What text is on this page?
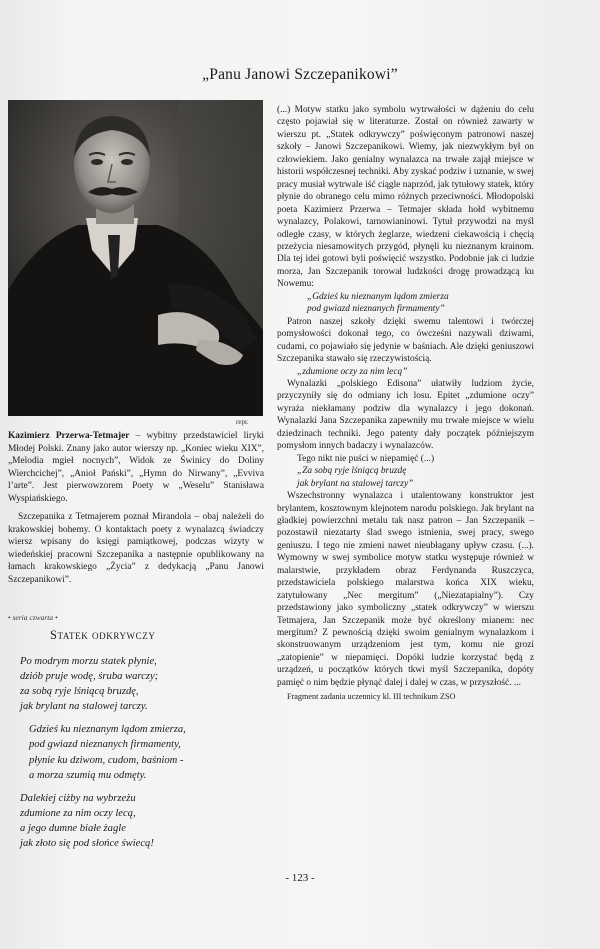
„Panu Janowi Szczepanikowi”
repr.

Kazimierz Przerwa-Tetmajer – wybitny przedstawiciel liryki Młodej Polski. Znany jako autor wierszy np. „Koniec wieku XIX”, „Melodia mgieł nocnych”, Widok ze Świnicy do Doliny Wierchcichej”, „Anioł Pański”, „Hymn do Nirwany”, „Evviva l’arte”. Jest pierwowzorem Poety w „Weselu” Stanisława Wyspiańskiego.

Szczepanika z Tetmajerem poznał Mirandola – obaj należeli do krakowskiej bohemy. O kontaktach poety z wynalazcą świadczy wiersz wpisany do księgi pamiątkowej, podczas wizyty w wiedeńskiej pracowni Szczepanika a następnie opublikowany na łamach krakowskiego „Życia” z dedykacją „Panu Janowi Szczepanikowi”.

• seria czwarta •
Statek odkrywczy
Po modrym morzu statek płynie,
dziób pruje wodę, śruba warczy;
za sobą ryje lśniącą bruzdę,
jak brylant na stalowej tarczy.
Gdzieś ku nieznanym lądom zmierza,
pod gwiazd nieznanych firmamenty,
płynie ku dziwom, cudom, baśniom -
a morza szumią mu odmęty.
Dalekiej ciżby na wybrzeżu
zdumione za nim oczy lecą,
a jego dumne białe żagle
jak złoto się pod słońce świecą!

(...) Motyw statku jako symbolu wytrwałości w dążeniu do celu często pojawiał się w literaturze. Został on również zawarty w wierszu pt. „Statek odkrywczy” poświęconym patronowi naszej szkoły – Janowi Szczepanikowi. Wiemy, jak niezwykłym był on człowiekiem. Jako genialny wynalazca na trwałe zajął miejsce w historii współczesnej techniki. Aby zyskać podziw i uznanie, w swej pracy musiał wytrwale iść ciągle naprzód, jak tytułowy statek, który płynie do obranego celu mimo różnych przeciwności. Młodopolski poeta Kazimierz Przerwa – Tetmajer składa hołd wybitnemu wynalazcy, Polakowi, tarnowianinowi. Tytuł przywodzi na myśl odległe czasy, w których żeglarze, wiedzeni ciekawością i chęcią przeżycia niesamowitych przygód, płynęli ku nieznanym krainom. Dla tej idei gotowi byli poświęcić wszystko. Podobnie jak ci ludzie morza, Jan Szczepanik torował ludzkości drogę prowadzącą ku Nowemu:

„Gdzieś ku nieznanym lądom zmierza

pod gwiazd nieznanych firmamenty”

Patron naszej szkoły dzięki swemu talentowi i twórczej pomysłowości dokonał tego, co ówcześni nazywali dziwami, cudami, co pojawiało się jedynie w baśniach. Ale dzięki geniuszowi Szczepanika stawało się rzeczywistością.

„zdumione oczy za nim lecą”

Wynalazki „polskiego Edisona” ułatwiły ludziom życie, przyczyniły się do odmiany ich losu. Epitet „zdumione oczy” wyraża niekłamany podziw dla wynalazcy i jego dokonań. Wynalazki Jana Szczepanika zapewniły mu trwałe miejsce w wielu dziedzinach techniki. Jego patenty dały początek późniejszym pomysłom innych badaczy i wynalazców.

Tego nikt nie puści w niepamięć (...)

„Za sobą ryje lśniącą bruzdę

jak brylant na stalowej tarczy”

Wszechstronny wynalazca i utalentowany konstruktor jest brylantem, kosztownym klejnotem narodu polskiego. Jak brylant na gładkiej powierzchni metalu tak nasz patron – Jan Szczepanik – pozostawił niezatarty ślad swego istnienia, swej pracy, swego geniuszu. I tego nie zmieni nawet nieubłagany upływ czasu. (...). Wymowny w swej symbolice motyw statku występuje również w malarstwie, przykładem obraz Ferdynanda Ruszczyca, przedstawiciela polskiego malarstwa końca XIX wieku, zatytułowany „Nec mergitum” („Niezatapialny”). Czy przedstawiony jako symboliczny „statek odkrywczy” w wierszu Tetmajera, Jan Szczepanik może być określony mianem: nec mergitum? Z pewnością dzięki swoim genialnym wynalazkom i skonstruowanym urządzeniom jest tym, komu nie grozi „zatopienie” w niepamięci. Dopóki ludzie korzystać będą z urządzeń, u początków których tkwi myśl Szczepanika, dopóty pamięć o nim będzie płynąć dalej i dalej w czas, w przyszłość. ...

Fragment zadania uczennicy kl. III technikum ZSO

- 123 -
